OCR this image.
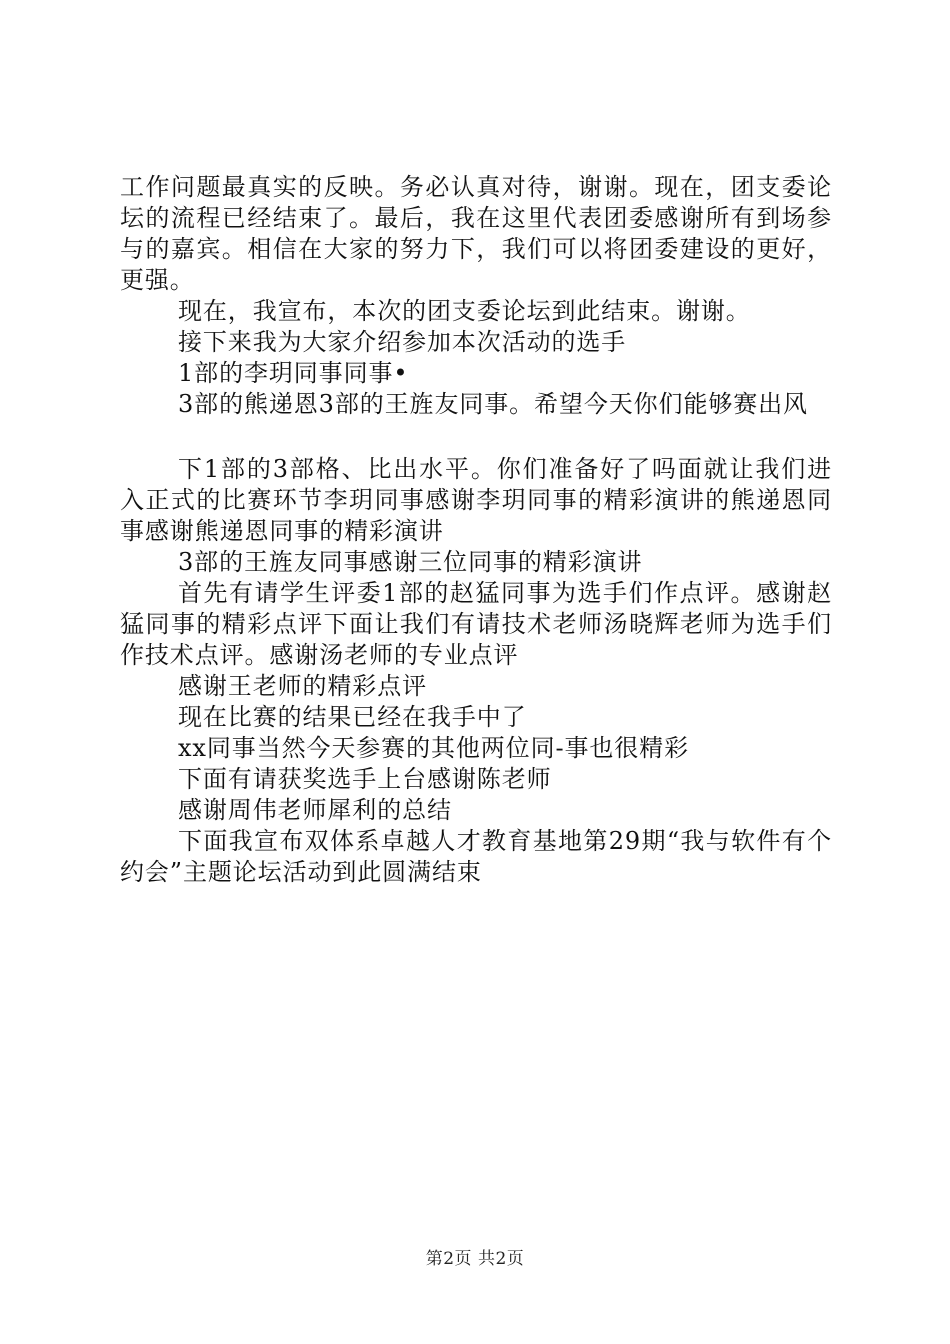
工作问题最真实的反映。务必认真对待，谢谢。现在，团支委论坛的流程已经结束了。最后，我在这里代表团委感谢所有到场参与的嘉宾。相信在大家的努力下，我们可以将团委建设的更好，更强。

现在，我宣布，本次的团支委论坛到此结束。谢谢。

接下来我为大家介绍参加本次活动的选手

1部的李玥同事同事•

3部的熊递恩3部的王旌友同事。希望今天你们能够赛出风

下1部的3部格、比出水平。你们准备好了吗面就让我们进入正式的比赛环节李玥同事感谢李玥同事的精彩演讲的熊递恩同事感谢熊递恩同事的精彩演讲

3部的王旌友同事感谢三位同事的精彩演讲

首先有请学生评委1部的赵猛同事为选手们作点评。感谢赵猛同事的精彩点评下面让我们有请技术老师汤晓辉老师为选手们作技术点评。感谢汤老师的专业点评

感谢王老师的精彩点评

现在比赛的结果已经在我手中了

xx同事当然今天参赛的其他两位同-事也很精彩

下面有请获奖选手上台感谢陈老师

感谢周伟老师犀利的总结

下面我宣布双体系卓越人才教育基地第29期“我与软件有个约会”主题论坛活动到此圆满结束

第2页 共2页
